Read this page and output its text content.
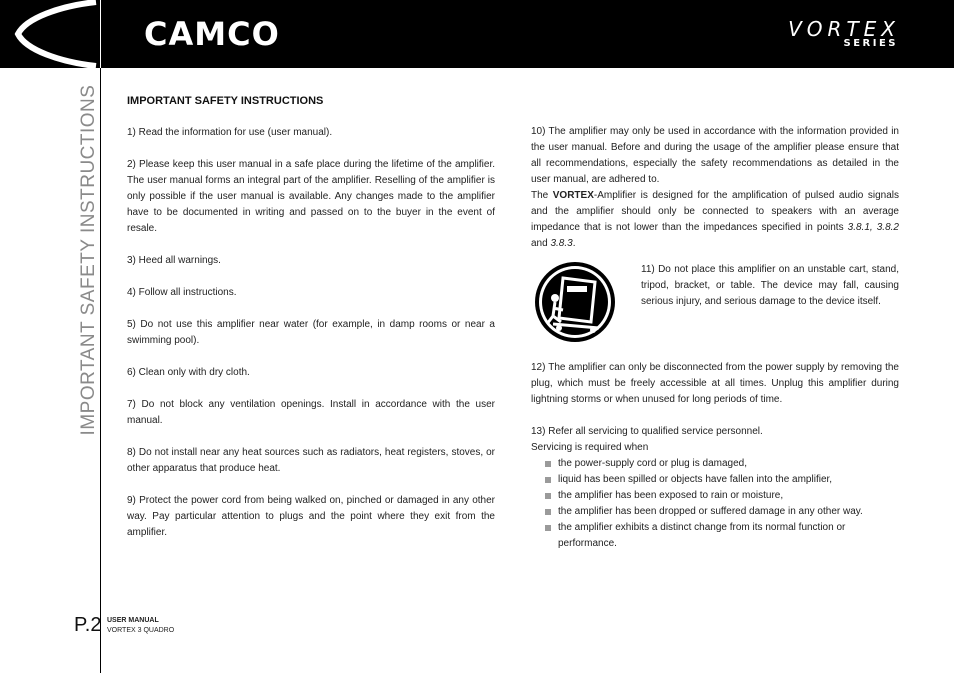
CAMCO	VORTEX
SERIES
IMPORTANT SAFETY INSTRUCTIONS	IMPORTANT SAFETY INSTRUCTIONS

1) Read the information for use (user manual).

2) Please keep this user manual in a safe place during the lifetime of the amplifier. The user manual forms an integral part of the amplifier. Reselling of the amplifier is only possible if the user manual is available. Any changes made to the amplifier have to be documented in writing and passed on to the buyer in the event of resale.

3) Heed all warnings.

4) Follow all instructions.

5) Do not use this amplifier near water (for example, in damp rooms or near a swimming pool).

6) Clean only with dry cloth.

7) Do not block any ventilation openings. Install in accordance with the user manual.

8) Do not install near any heat sources such as radiators, heat registers, stoves, or other apparatus that produce heat.

9) Protect the power cord from being walked on, pinched or damaged in any other way. Pay particular attention to plugs and the point where they exit from the amplifier.

10) The amplifier may only be used in accordance with the information provided in the user manual. Before and during the usage of the amplifier please ensure that all recommendations, especially the safety recommendations as detailed in the user manual, are adhered to.

The VORTEX-Amplifier is designed for the amplification of pulsed audio signals and the amplifier should only be connected to speakers with an average impedance that is not lower than the impedances specified in points 3.8.1, 3.8.2 and 3.8.3.

11) Do not place this amplifier on an unstable cart, stand, tripod, bracket, or table. The device may fall, causing serious injury, and serious damage to the device itself.

12) The amplifier can only be disconnected from the power supply by removing the plug, which must be freely accessible at all times. Unplug this amplifier during lightning storms or when unused for long periods of time.

13) Refer all servicing to qualified service personnel.
Servicing is required when
the power-supply cord or plug is damaged,
liquid has been spilled or objects have fallen into the amplifier,
the amplifier has been exposed to rain or moisture,
the amplifier has been dropped or suffered damage in any other way.
the amplifier exhibits a distinct change from its normal function or performance.
P.2 USER MANUAL
VORTEX 3 QUADRO
